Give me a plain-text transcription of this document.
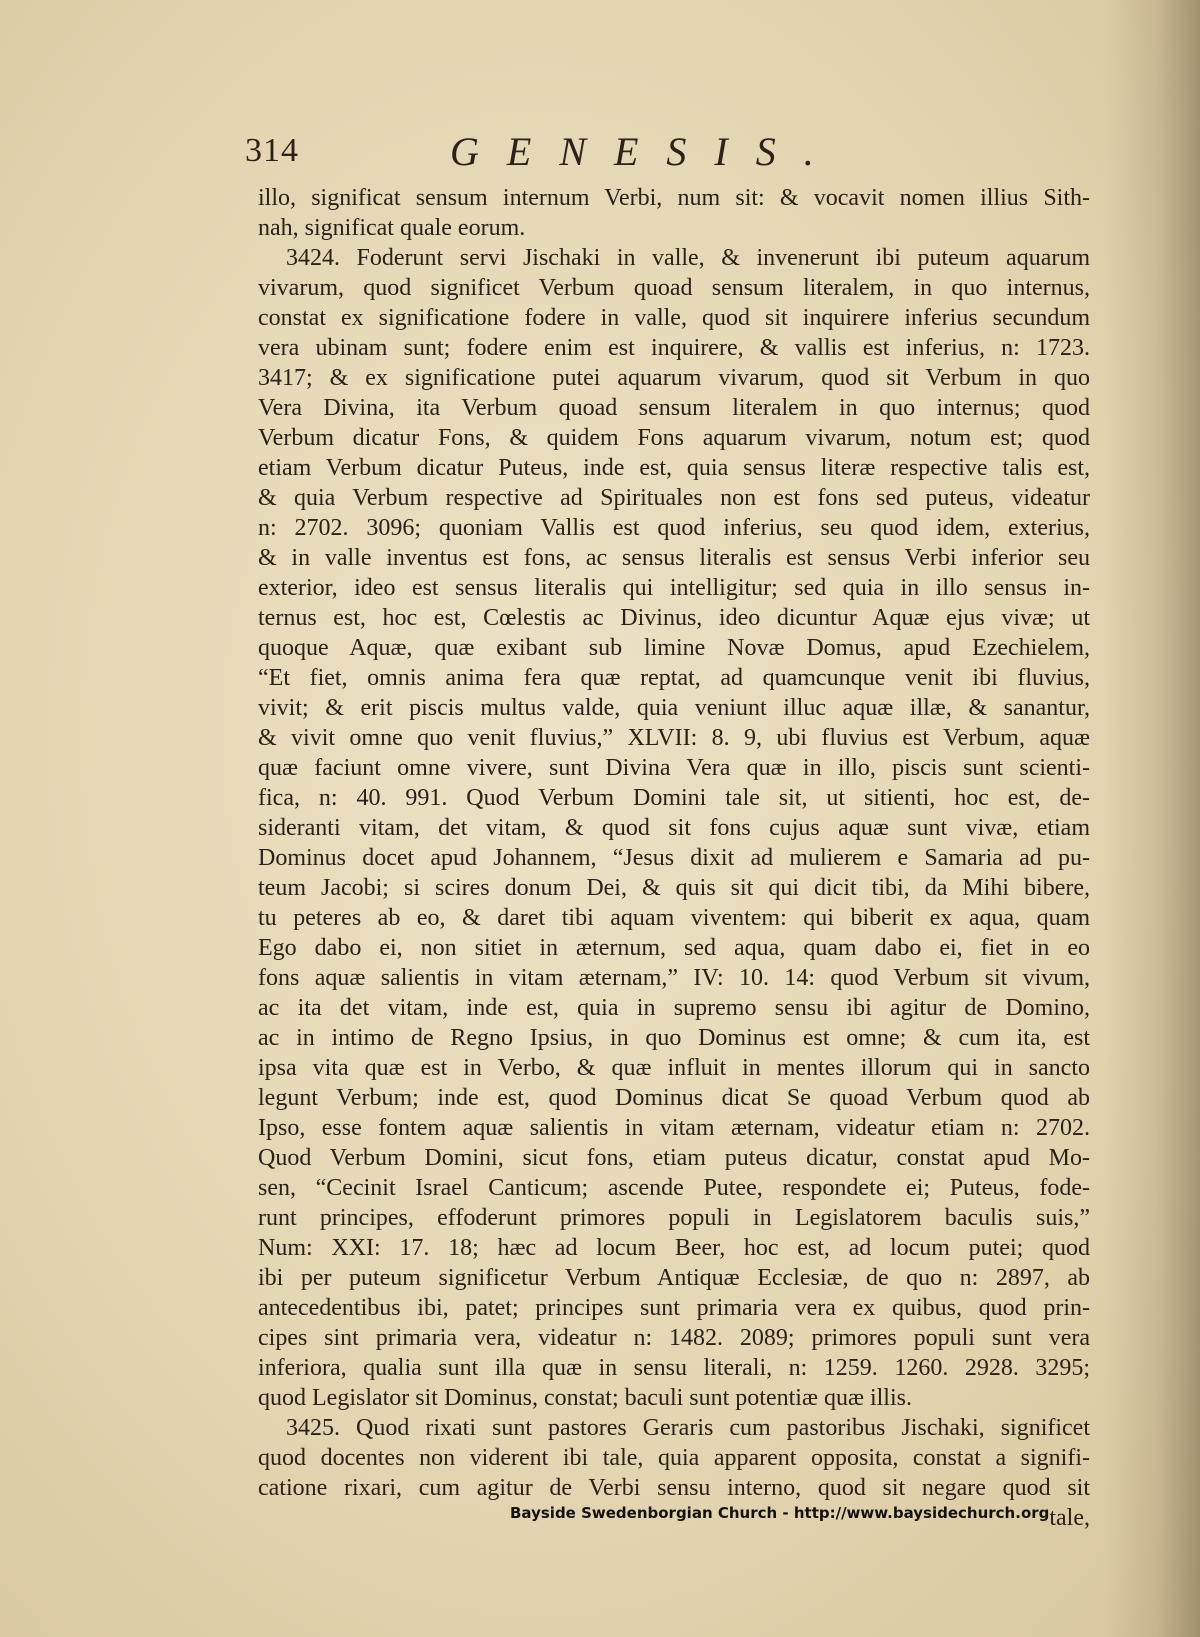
314	GENESIS.
illo, significat sensum internum Verbi, num sit: & vocavit nomen illius Sith-
nah, significat quale eorum.
3424. Foderunt servi Jischaki in valle, & invenerunt ibi puteum aquarum
vivarum, quod significet Verbum quoad sensum literalem, in quo internus,
constat ex significatione fodere in valle, quod sit inquirere inferius secundum
vera ubinam sunt; fodere enim est inquirere, & vallis est inferius, n: 1723.
3417; & ex significatione putei aquarum vivarum, quod sit Verbum in quo
Vera Divina, ita Verbum quoad sensum literalem in quo internus; quod
Verbum dicatur Fons, & quidem Fons aquarum vivarum, notum est; quod
etiam Verbum dicatur Puteus, inde est, quia sensus literæ respective talis est,
& quia Verbum respective ad Spirituales non est fons sed puteus, videatur
n: 2702. 3096; quoniam Vallis est quod inferius, seu quod idem, exterius,
& in valle inventus est fons, ac sensus literalis est sensus Verbi inferior seu
exterior, ideo est sensus literalis qui intelligitur; sed quia in illo sensus in-
ternus est, hoc est, Cœlestis ac Divinus, ideo dicuntur Aquæ ejus vivæ; ut
quoque Aquæ, quæ exibant sub limine Novæ Domus, apud Ezechielem,
“Et fiet, omnis anima fera quæ reptat, ad quamcunque venit ibi fluvius,
vivit; & erit piscis multus valde, quia veniunt illuc aquæ illæ, & sanantur,
& vivit omne quo venit fluvius,” XLVII: 8. 9, ubi fluvius est Verbum, aquæ
quæ faciunt omne vivere, sunt Divina Vera quæ in illo, piscis sunt scienti-
fica, n: 40. 991. Quod Verbum Domini tale sit, ut sitienti, hoc est, de-
sideranti vitam, det vitam, & quod sit fons cujus aquæ sunt vivæ, etiam
Dominus docet apud Johannem, “Jesus dixit ad mulierem e Samaria ad pu-
teum Jacobi; si scires donum Dei, & quis sit qui dicit tibi, da Mihi bibere,
tu peteres ab eo, & daret tibi aquam viventem: qui biberit ex aqua, quam
Ego dabo ei, non sitiet in æternum, sed aqua, quam dabo ei, fiet in eo
fons aquæ salientis in vitam æternam,” IV: 10. 14: quod Verbum sit vivum,
ac ita det vitam, inde est, quia in supremo sensu ibi agitur de Domino,
ac in intimo de Regno Ipsius, in quo Dominus est omne; & cum ita, est
ipsa vita quæ est in Verbo, & quæ influit in mentes illorum qui in sancto
legunt Verbum; inde est, quod Dominus dicat Se quoad Verbum quod ab
Ipso, esse fontem aquæ salientis in vitam æternam, videatur etiam n: 2702.
Quod Verbum Domini, sicut fons, etiam puteus dicatur, constat apud Mo-
sen, “Cecinit Israel Canticum; ascende Putee, respondete ei; Puteus, fode-
runt principes, effoderunt primores populi in Legislatorem baculis suis,”
Num: XXI: 17. 18; hæc ad locum Beer, hoc est, ad locum putei; quod
ibi per puteum significetur Verbum Antiquæ Ecclesiæ, de quo n: 2897, ab
antecedentibus ibi, patet; principes sunt primaria vera ex quibus, quod prin-
cipes sint primaria vera, videatur n: 1482. 2089; primores populi sunt vera
inferiora, qualia sunt illa quæ in sensu literali, n: 1259. 1260. 2928. 3295;
quod Legislator sit Dominus, constat; baculi sunt potentiæ quæ illis.
3425. Quod rixati sunt pastores Geraris cum pastoribus Jischaki, significet
quod docentes non viderent ibi tale, quia apparent opposita, constat a signifi-
catione rixari, cum agitur de Verbi sensu interno, quod sit negare quod sit
tale,
Bayside Swedenborgian Church - http://www.baysidechurch.org
